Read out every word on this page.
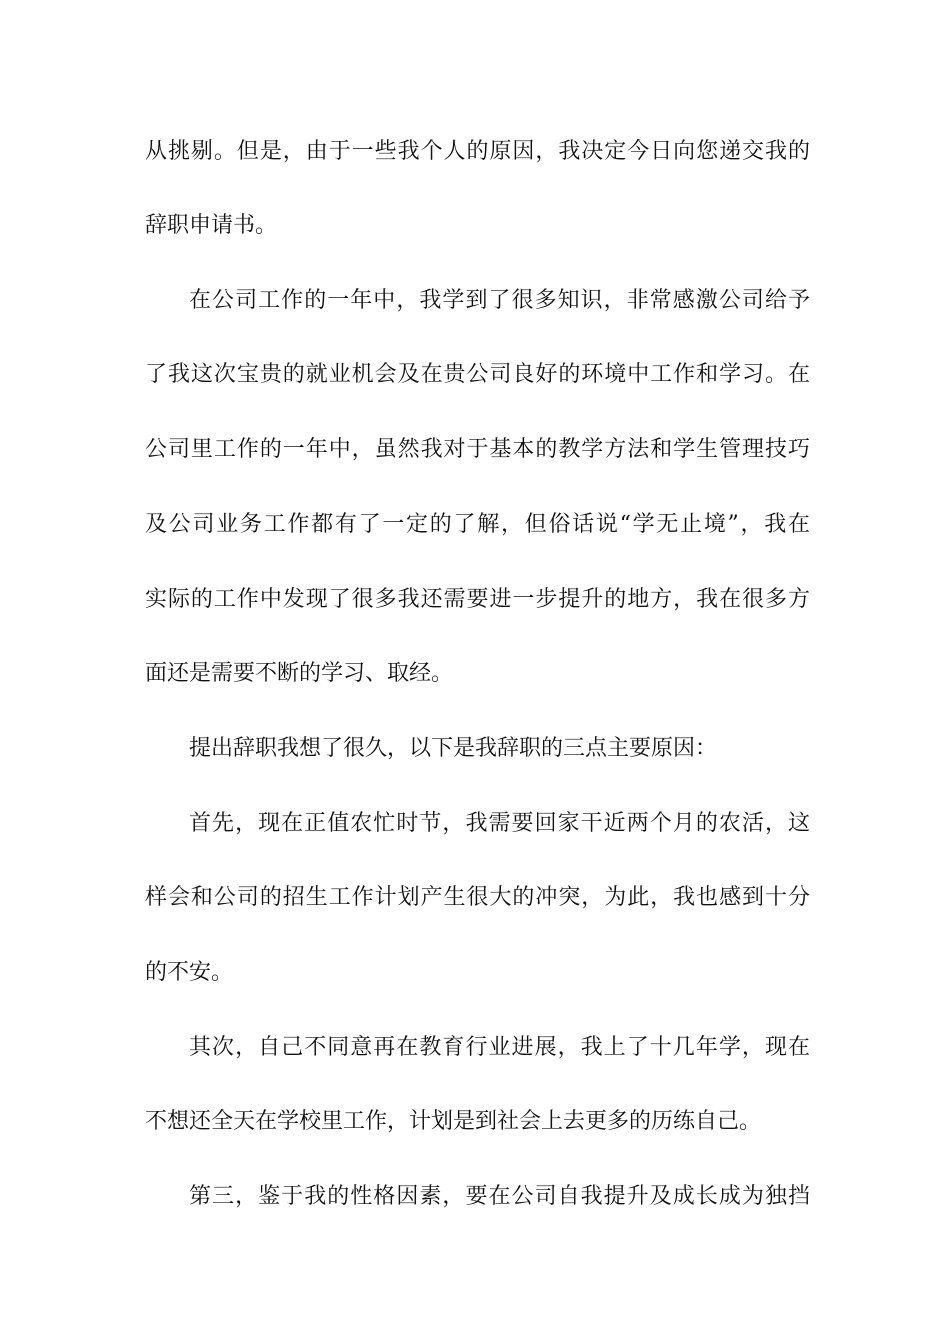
从挑剔。但是，由于一些我个人的原因，我决定今日向您递交我的
辞职申请书。
在公司工作的一年中，我学到了很多知识，非常感激公司给予
了我这次宝贵的就业机会及在贵公司良好的环境中工作和学习。在
公司里工作的一年中，虽然我对于基本的教学方法和学生管理技巧
及公司业务工作都有了一定的了解，但俗话说“学无止境”，我在
实际的工作中发现了很多我还需要进一步提升的地方，我在很多方
面还是需要不断的学习、取经。
提出辞职我想了很久，以下是我辞职的三点主要原因：
首先，现在正值农忙时节，我需要回家干近两个月的农活，这
样会和公司的招生工作计划产生很大的冲突，为此，我也感到十分
的不安。
其次，自己不同意再在教育行业进展，我上了十几年学，现在
不想还全天在学校里工作，计划是到社会上去更多的历练自己。
第三，鉴于我的性格因素，要在公司自我提升及成长成为独挡
